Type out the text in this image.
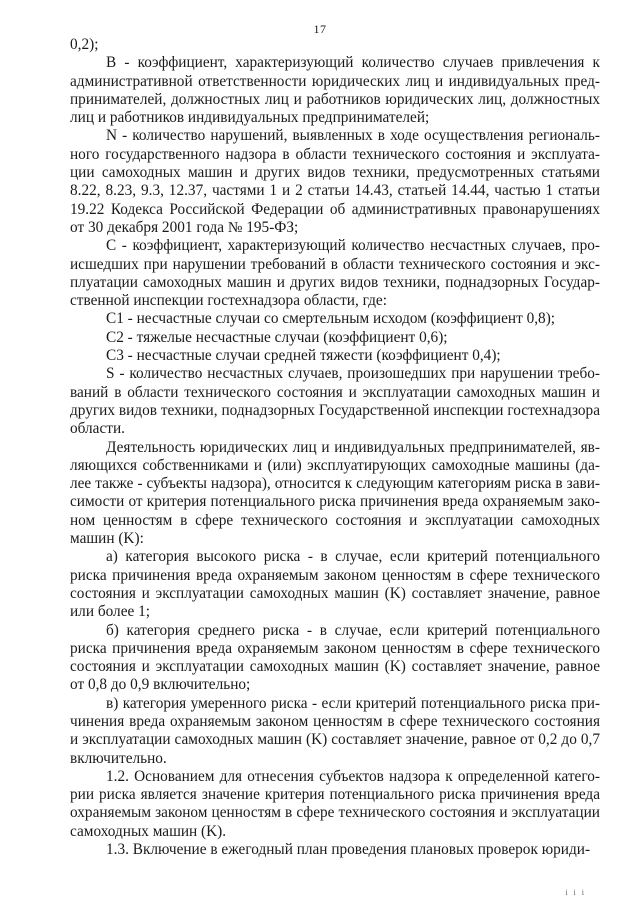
17

0,2);

B - коэффициент, характеризующий количество случаев привлечения к административной ответственности юридических лиц и индивидуальных предпринимателей, должностных лиц и работников юридических лиц, должностных лиц и работников индивидуальных предпринимателей;

N - количество нарушений, выявленных в ходе осуществления регионального государственного надзора в области технического состояния и эксплуатации самоходных машин и других видов техники, предусмотренных статьями 8.22, 8.23, 9.3, 12.37, частями 1 и 2 статьи 14.43, статьей 14.44, частью 1 статьи 19.22 Кодекса Российской Федерации об административных правонарушениях от 30 декабря 2001 года № 195-ФЗ;

C - коэффициент, характеризующий количество несчастных случаев, происшедших при нарушении требований в области технического состояния и эксплуатации самоходных машин и других видов техники, поднадзорных Государственной инспекции гостехнадзора области, где:

C1 - несчастные случаи со смертельным исходом (коэффициент 0,8);

C2 - тяжелые несчастные случаи (коэффициент 0,6);

C3 - несчастные случаи средней тяжести (коэффициент 0,4);

S - количество несчастных случаев, произошедших при нарушении требований в области технического состояния и эксплуатации самоходных машин и других видов техники, поднадзорных Государственной инспекции гостехнадзора области.

Деятельность юридических лиц и индивидуальных предпринимателей, являющихся собственниками и (или) эксплуатирующих самоходные машины (далее также - субъекты надзора), относится к следующим категориям риска в зависимости от критерия потенциального риска причинения вреда охраняемым законом ценностям в сфере технического состояния и эксплуатации самоходных машин (K):

а) категория высокого риска - в случае, если критерий потенциального риска причинения вреда охраняемым законом ценностям в сфере технического состояния и эксплуатации самоходных машин (K) составляет значение, равное или более 1;

б) категория среднего риска - в случае, если критерий потенциального риска причинения вреда охраняемым законом ценностям в сфере технического состояния и эксплуатации самоходных машин (K) составляет значение, равное от 0,8 до 0,9 включительно;

в) категория умеренного риска - если критерий потенциального риска причинения вреда охраняемым законом ценностям в сфере технического состояния и эксплуатации самоходных машин (K) составляет значение, равное от 0,2 до 0,7 включительно.

1.2. Основанием для отнесения субъектов надзора к определенной категории риска является значение критерия потенциального риска причинения вреда охраняемым законом ценностям в сфере технического состояния и эксплуатации самоходных машин (K).

1.3. Включение в ежегодный план проведения плановых проверок юриди-

і і і
